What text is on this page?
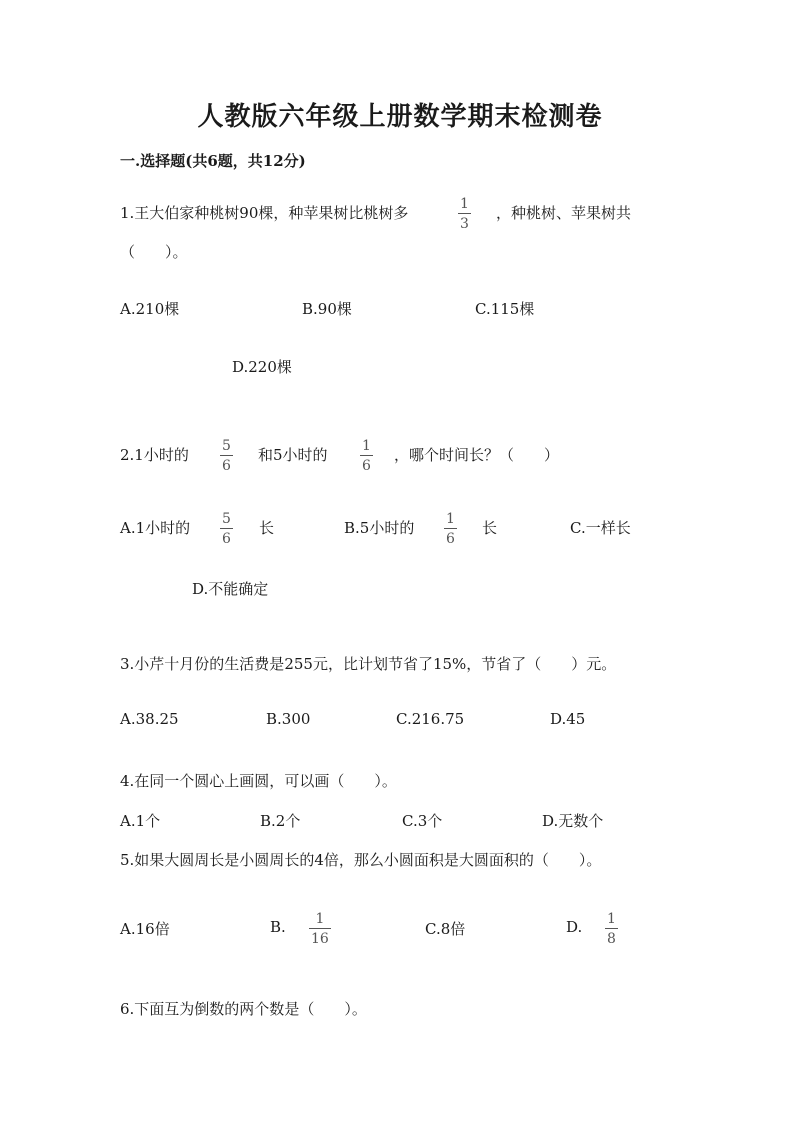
人教版六年级上册数学期末检测卷
一.选择题(共6题，共12分)
1.王大伯家种桃树90棵，种苹果树比桃树多	1
3
，种桃树、苹果树共
（　　）。
A.210棵	B.90棵	C.115棵
D.220棵
2.1小时的 5
6
和5小时的 1
6
，哪个时间长？（　　）
A.1小时的 5
6
长	B.5小时的 1
6
长	C.一样长
D.不能确定
3.小芹十月份的生活费是255元，比计划节省了15%，节省了（　　）元。
A.38.25	B.300	C.216.75	D.45
4.在同一个圆心上画圆，可以画（　　）。
A.1个	B.2个	C.3个	D.无数个
5.如果大圆周长是小圆周长的4倍，那么小圆面积是大圆面积的（　　）。
A.16倍	B. 1
16
C.8倍	D. 1
8
6.下面互为倒数的两个数是（　　）。
